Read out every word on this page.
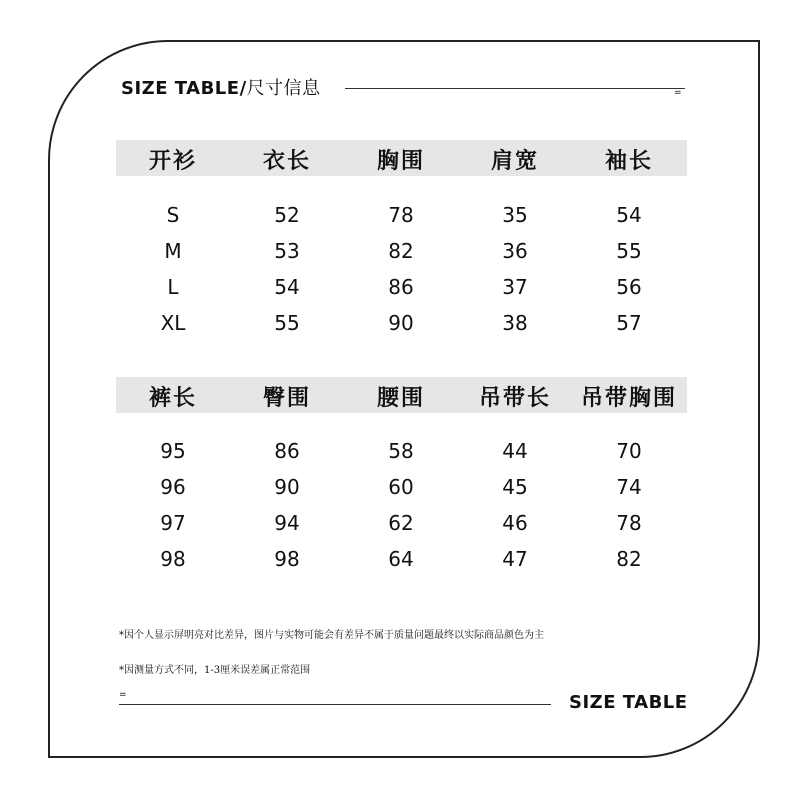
SIZE TABLE/尺寸信息	=
开衫	衣长	胸围	肩宽	袖长
S	52	78	35	54
M	53	82	36	55
L	54	86	37	56
XL	55	90	38	57
裤长	臀围	腰围	吊带长	吊带胸围
95	86	58	44	70
96	90	60	45	74
97	94	62	46	78
98	98	64	47	82
*因个人显示屏明亮对比差异，图片与实物可能会有差异不属于质量问题最终以实际商品颜色为主
*因测量方式不同，1-3厘米误差属正常范围
=	SIZE TABLE
